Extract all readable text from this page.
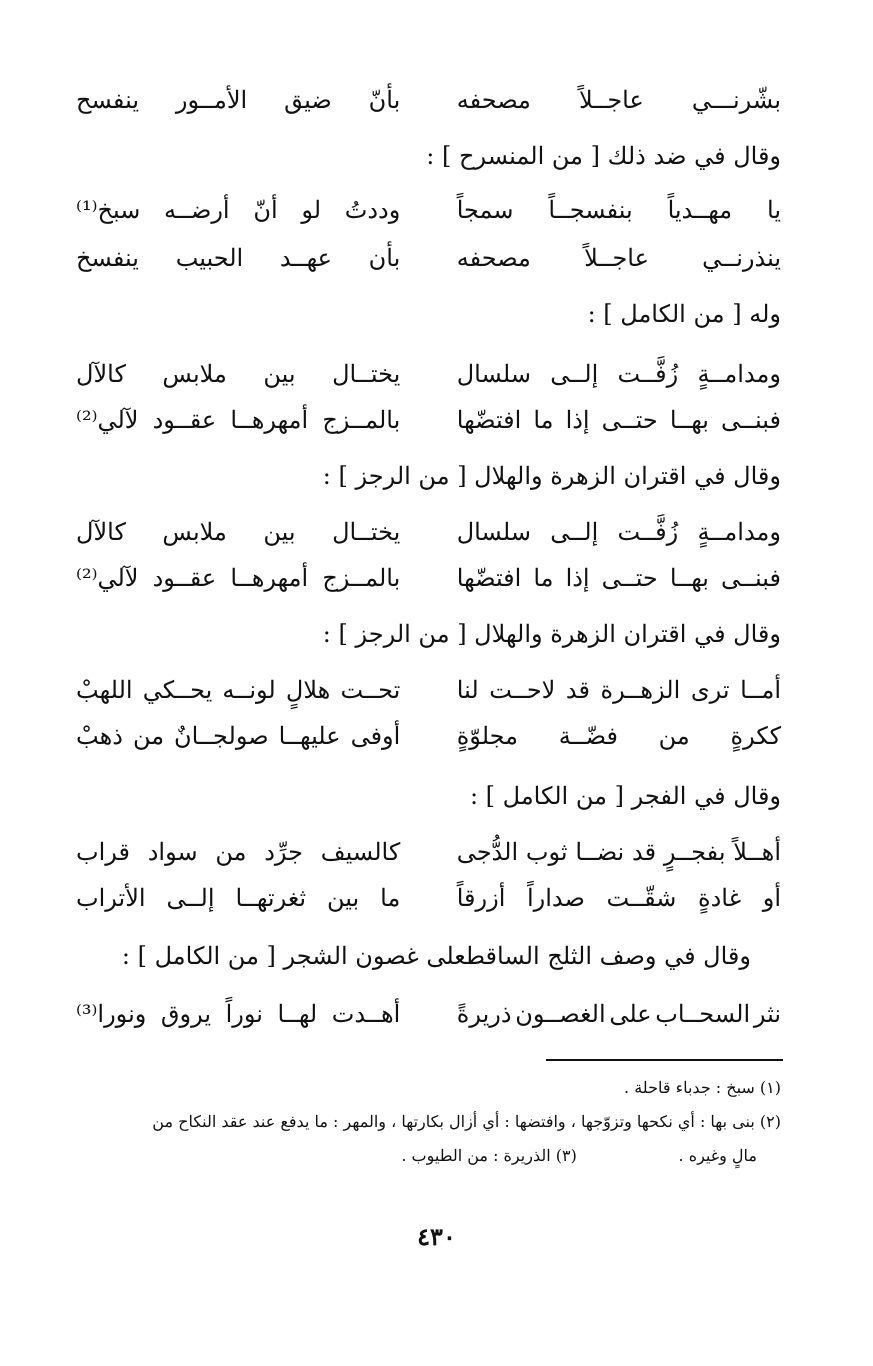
بشّرنـــي
عاجــلاً
مصحفه
بأنّ
ضيق
الأمــور
ينفسح
يا
مهــدياً
بنفسجــاً
سمجاً
وددتُ
لو
أنّ
أرضــه
سبخ⁽¹⁾
ينذرنــي
عاجــلاً
مصحفه
بأن
عهــد
الحبيب
ينفسخ
ومدامــةٍ
زُفَّــت
إلــى
سلسال
يختــال
بين
ملابس
كالآل
فبنــى
بهــا
حتــى
إذا
ما
افتضّها
بالمــزج
أمهرهــا
عقــود
لآلي⁽²⁾
ومدامــةٍ
زُفَّــت
إلــى
سلسال
يختــال
بين
ملابس
كالآل
فبنــى
بهــا
حتــى
إذا
ما
افتضّها
بالمــزج
أمهرهــا
عقــود
لآلي⁽²⁾
أمــا
ترى
الزهــرة
قد
لاحــت
لنا
تحــت
هلالٍ
لونــه
يحــكي
اللهبْ
ككرةٍ
من
فضّــة
مجلوّةٍ
أوفى
عليهــا
صولجــانٌ
من
ذهبْ
أهــلاً
بفجــرٍ
قد
نضــا
ثوب
الدُّجى
كالسيف
جرِّد
من
سواد
قراب
أو
غادةٍ
شقّــت
صداراً
أزرقاً
ما
بين
ثغرتهــا
إلــى
الأتراب
نثر
السحــاب
على
الغصــون
ذريرةً
أهــدت
لهــا
نوراً
يروق
ونورا⁽³⁾
وقال في ضد ذلك [ من المنسرح ] :
وله [ من الكامل ] :
وقال في اقتران الزهرة والهلال [ من الرجز ] :
وقال في اقتران الزهرة والهلال [ من الرجز ] :
وقال في الفجر [ من الكامل ] :
وقال في وصف الثلج الساقطعلى غصون الشجر [ من الكامل ] :
(١) سبخ : جدباء قاحلة .
(٢) بنى بها : أي نكحها وتزوّجها ، وافتضها : أي أزال بكارتها ، والمهر : ما يدفع عند عقد النكاح من
مالٍ وغيره .                    (٣) الذريرة : من الطيوب .
٤٣٠
